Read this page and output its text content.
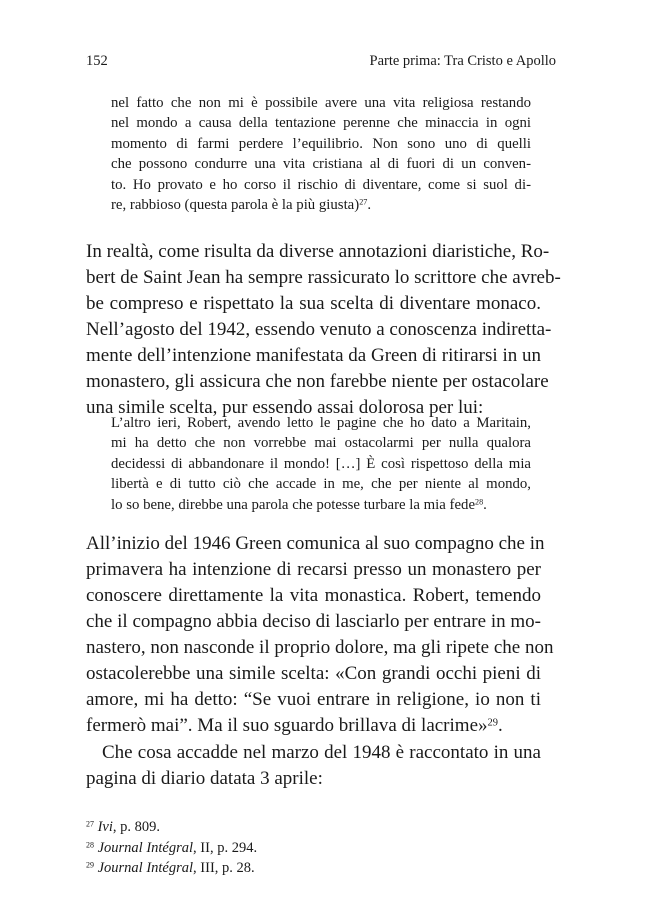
152	Parte prima: Tra Cristo e Apollo
nel fatto che non mi è possibile avere una vita religiosa restando
nel mondo a causa della tentazione perenne che minaccia in ogni
momento di farmi perdere l’equilibrio. Non sono uno di quelli
che possono condurre una vita cristiana al di fuori di un conven-
to. Ho provato e ho corso il rischio di diventare, come si suol di-
re, rabbioso (questa parola è la più giusta)$^{27}$.
In realtà, come risulta da diverse annotazioni diaristiche, Ro-
bert de Saint Jean ha sempre rassicurato lo scrittore che avreb-
be compreso e rispettato la sua scelta di diventare monaco.
Nell’agosto del 1942, essendo venuto a conoscenza indiretta-
mente dell’intenzione manifestata da Green di ritirarsi in un
monastero, gli assicura che non farebbe niente per ostacolare
una simile scelta, pur essendo assai dolorosa per lui:
L’altro ieri, Robert, avendo letto le pagine che ho dato a Maritain,
mi ha detto che non vorrebbe mai ostacolarmi per nulla qualora
decidessi di abbandonare il mondo! […] È così rispettoso della mia
libertà e di tutto ciò che accade in me, che per niente al mondo,
lo so bene, direbbe una parola che potesse turbare la mia fede$^{28}$.
All’inizio del 1946 Green comunica al suo compagno che in
primavera ha intenzione di recarsi presso un monastero per
conoscere direttamente la vita monastica. Robert, temendo
che il compagno abbia deciso di lasciarlo per entrare in mo-
nastero, non nasconde il proprio dolore, ma gli ripete che non
ostacolerebbe una simile scelta: «Con grandi occhi pieni di
amore, mi ha detto: “Se vuoi entrare in religione, io non ti
fermerò mai”. Ma il suo sguardo brillava di lacrime»$^{29}$.
Che cosa accadde nel marzo del 1948 è raccontato in una
pagina di diario datata 3 aprile:
$^{27}$ Ivi, p. 809.
$^{28}$ Journal Intégral, II, p. 294.
$^{29}$ Journal Intégral, III, p. 28.
